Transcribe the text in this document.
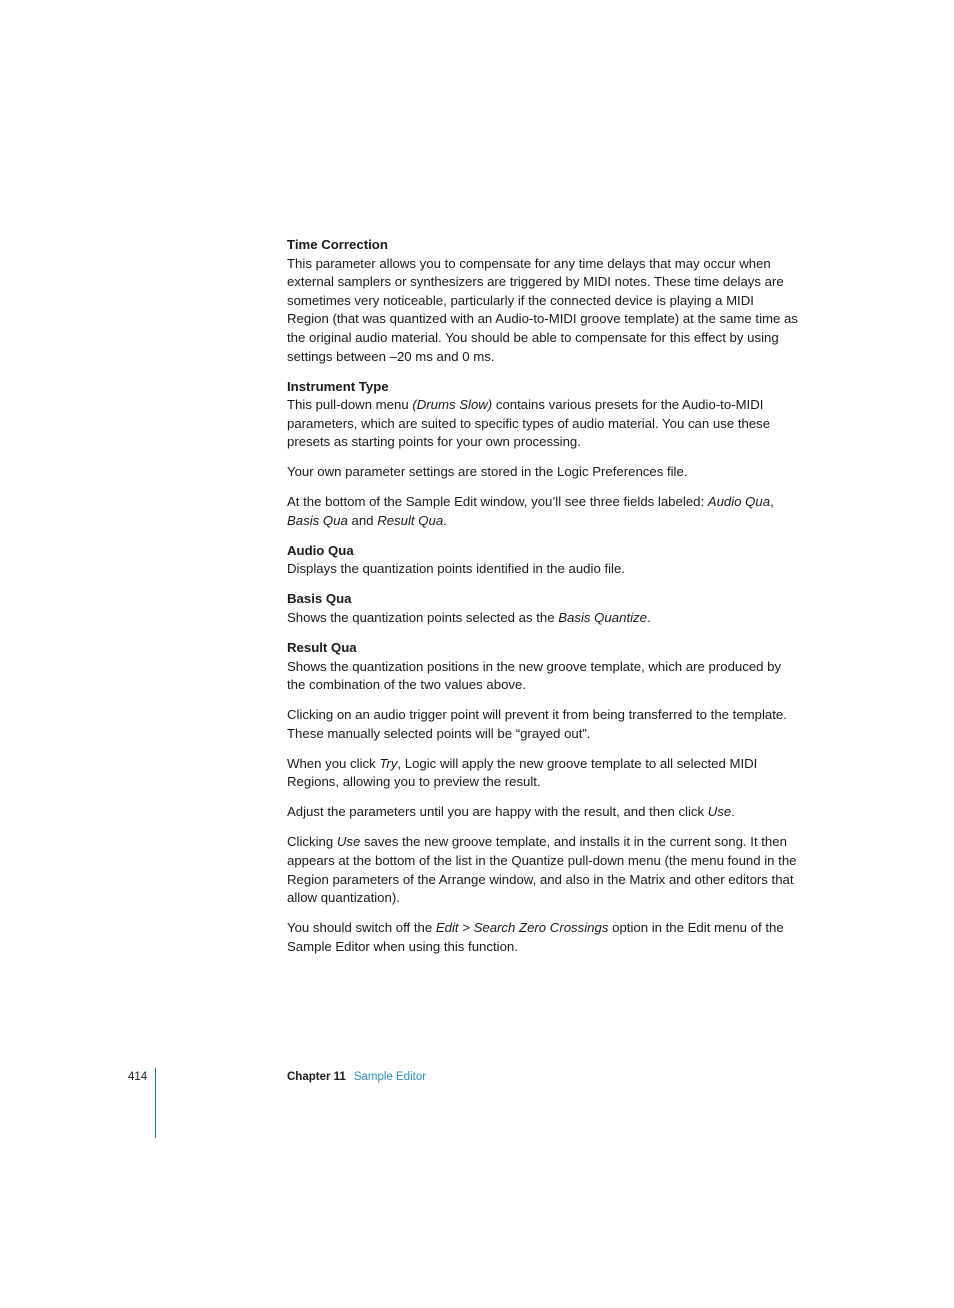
Time Correction

This parameter allows you to compensate for any time delays that may occur when external samplers or synthesizers are triggered by MIDI notes. These time delays are sometimes very noticeable, particularly if the connected device is playing a MIDI Region (that was quantized with an Audio-to-MIDI groove template) at the same time as the original audio material. You should be able to compensate for this effect by using settings between –20 ms and 0 ms.

Instrument Type

This pull-down menu (Drums Slow) contains various presets for the Audio-to-MIDI parameters, which are suited to specific types of audio material. You can use these presets as starting points for your own processing.

Your own parameter settings are stored in the Logic Preferences file.

At the bottom of the Sample Edit window, you’ll see three fields labeled: Audio Qua, Basis Qua and Result Qua.

Audio Qua

Displays the quantization points identified in the audio file.

Basis Qua

Shows the quantization points selected as the Basis Quantize.

Result Qua

Shows the quantization positions in the new groove template, which are produced by the combination of the two values above.

Clicking on an audio trigger point will prevent it from being transferred to the template. These manually selected points will be “grayed out”.

When you click Try, Logic will apply the new groove template to all selected MIDI Regions, allowing you to preview the result.

Adjust the parameters until you are happy with the result, and then click Use.

Clicking Use saves the new groove template, and installs it in the current song. It then appears at the bottom of the list in the Quantize pull-down menu (the menu found in the Region parameters of the Arrange window, and also in the Matrix and other editors that allow quantization).

You should switch off the Edit > Search Zero Crossings option in the Edit menu of the Sample Editor when using this function.

414	Chapter 11 Sample Editor
